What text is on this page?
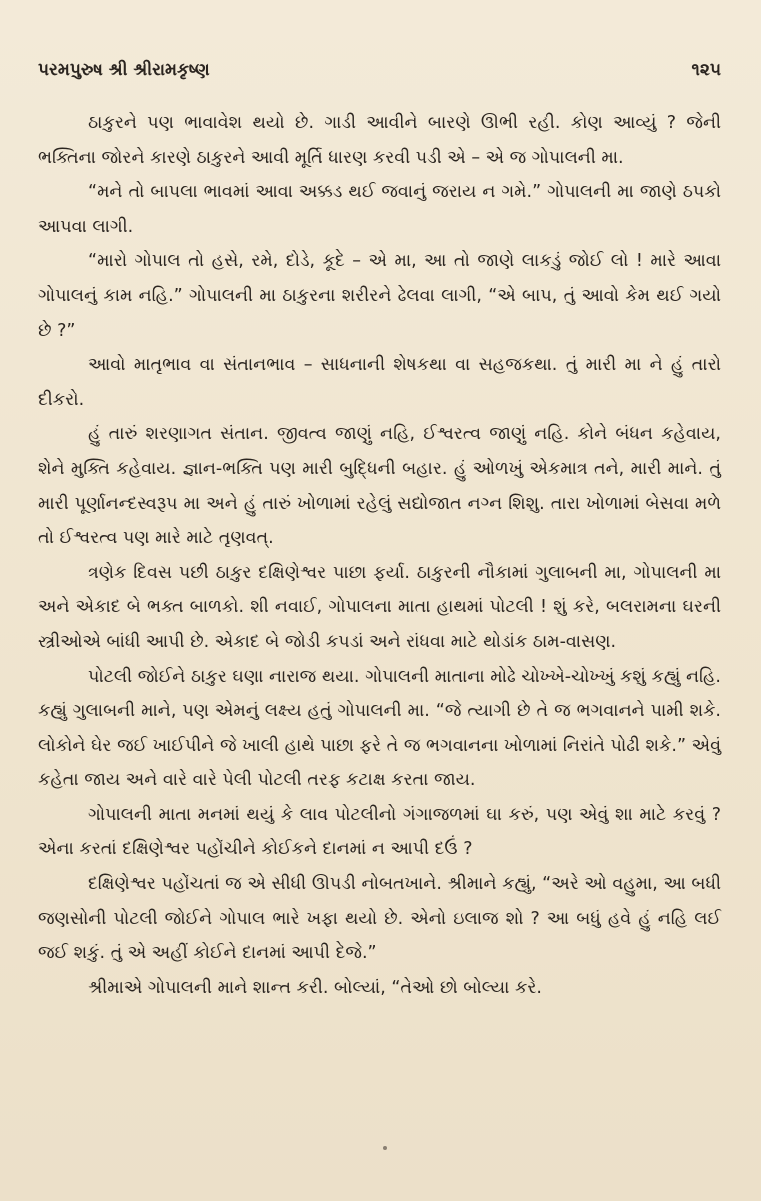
પરમપુરુષ શ્રી શ્રીરામકૃષ્ણ	૧૨૫

ઠાકુરને પણ ભાવાવેશ થયો છે. ગાડી આવીને બારણે ઊભી રહી. કોણ આવ્યું ? જેની ભક્તિના જોરને કારણે ઠાકુરને આવી મૂર્તિ ધારણ કરવી પડી એ – એ જ ગોપાલની મા.

“મને તો બાપલા ભાવમાં આવા અક્કડ થઈ જવાનું જરાય ન ગમે.” ગોપાલની મા જાણે ઠપકો આપવા લાગી.

“મારો ગોપાલ તો હસે, રમે, દોડે, કૂદે – એ મા, આ તો જાણે લાકડું જોઈ લો ! મારે આવા ગોપાલનું કામ નહિ.” ગોપાલની મા ઠાકુરના શરીરને ઢેલવા લાગી, “એ બાપ, તું આવો કેમ થઈ ગયો છે ?”

આવો માતૃભાવ વા સંતાનભાવ – સાધનાની શેષકથા વા સહજકથા. તું મારી મા ને હું તારો દીકરો.

હું તારું શરણાગત સંતાન. જીવત્વ જાણું નહિ, ઈશ્વરત્વ જાણું નહિ. કોને બંધન કહેવાય, શેને મુક્તિ કહેવાય. જ્ઞાન-ભક્તિ પણ મારી બુદ્ધિની બહાર. હું ઓળખું એકમાત્ર તને, મારી માને. તું મારી પૂર્ણાનન્દસ્વરૂપ મા અને હું તારું ખોળામાં રહેલું સદ્યોજાત નગ્ન શિશુ. તારા ખોળામાં બેસવા મળે તો ઈશ્વરત્વ પણ મારે માટે તૃણવત્.

ત્રણેક દિવસ પછી ઠાકુર દક્ષિણેશ્વર પાછા ફર્યા. ઠાકુરની નૌકામાં ગુલાબની મા, ગોપાલની મા અને એકાદ બે ભક્ત બાળકો. શી નવાઈ, ગોપાલના માતા હાથમાં પોટલી ! શું કરે, બલરામના ઘરની સ્ત્રીઓએ બાંધી આપી છે. એકાદ બે જોડી કપડાં અને રાંધવા માટે થોડાંક ઠામ-વાસણ.

પોટલી જોઈને ઠાકુર ઘણા નારાજ થયા. ગોપાલની માતાના મોઢે ચોખ્ખે-ચોખ્ખું કશું કહ્યું નહિ. કહ્યું ગુલાબની માને, પણ એમનું લક્ષ્ય હતું ગોપાલની મા. “જે ત્યાગી છે તે જ ભગવાનને પામી શકે. લોકોને ઘેર જઈ ખાઈપીને જે ખાલી હાથે પાછા ફરે તે જ ભગવાનના ખોળામાં નિરાંતે પોઢી શકે.” એવું કહેતા જાય અને વારે વારે પેલી પોટલી તરફ કટાક્ષ કરતા જાય.

ગોપાલની માતા મનમાં થયું કે લાવ પોટલીનો ગંગાજળમાં ઘા કરું, પણ એવું શા માટે કરવું ? એના કરતાં દક્ષિણેશ્વર પહોંચીને કોઈકને દાનમાં ન આપી દઉં ?

દક્ષિણેશ્વર પહોંચતાં જ એ સીધી ઊપડી નોબતખાને. શ્રીમાને કહ્યું, “અરે ઓ વહુમા, આ બધી જણસોની પોટલી જોઈને ગોપાલ ભારે ખફા થયો છે. એનો ઇલાજ શો ? આ બધું હવે હું નહિ લઈ જઈ શકું. તું એ અહીં કોઈને દાનમાં આપી દેજે.”

શ્રીમાએ ગોપાલની માને શાન્ત કરી. બોલ્યાં, “તેઓ છો બોલ્યા કરે.
